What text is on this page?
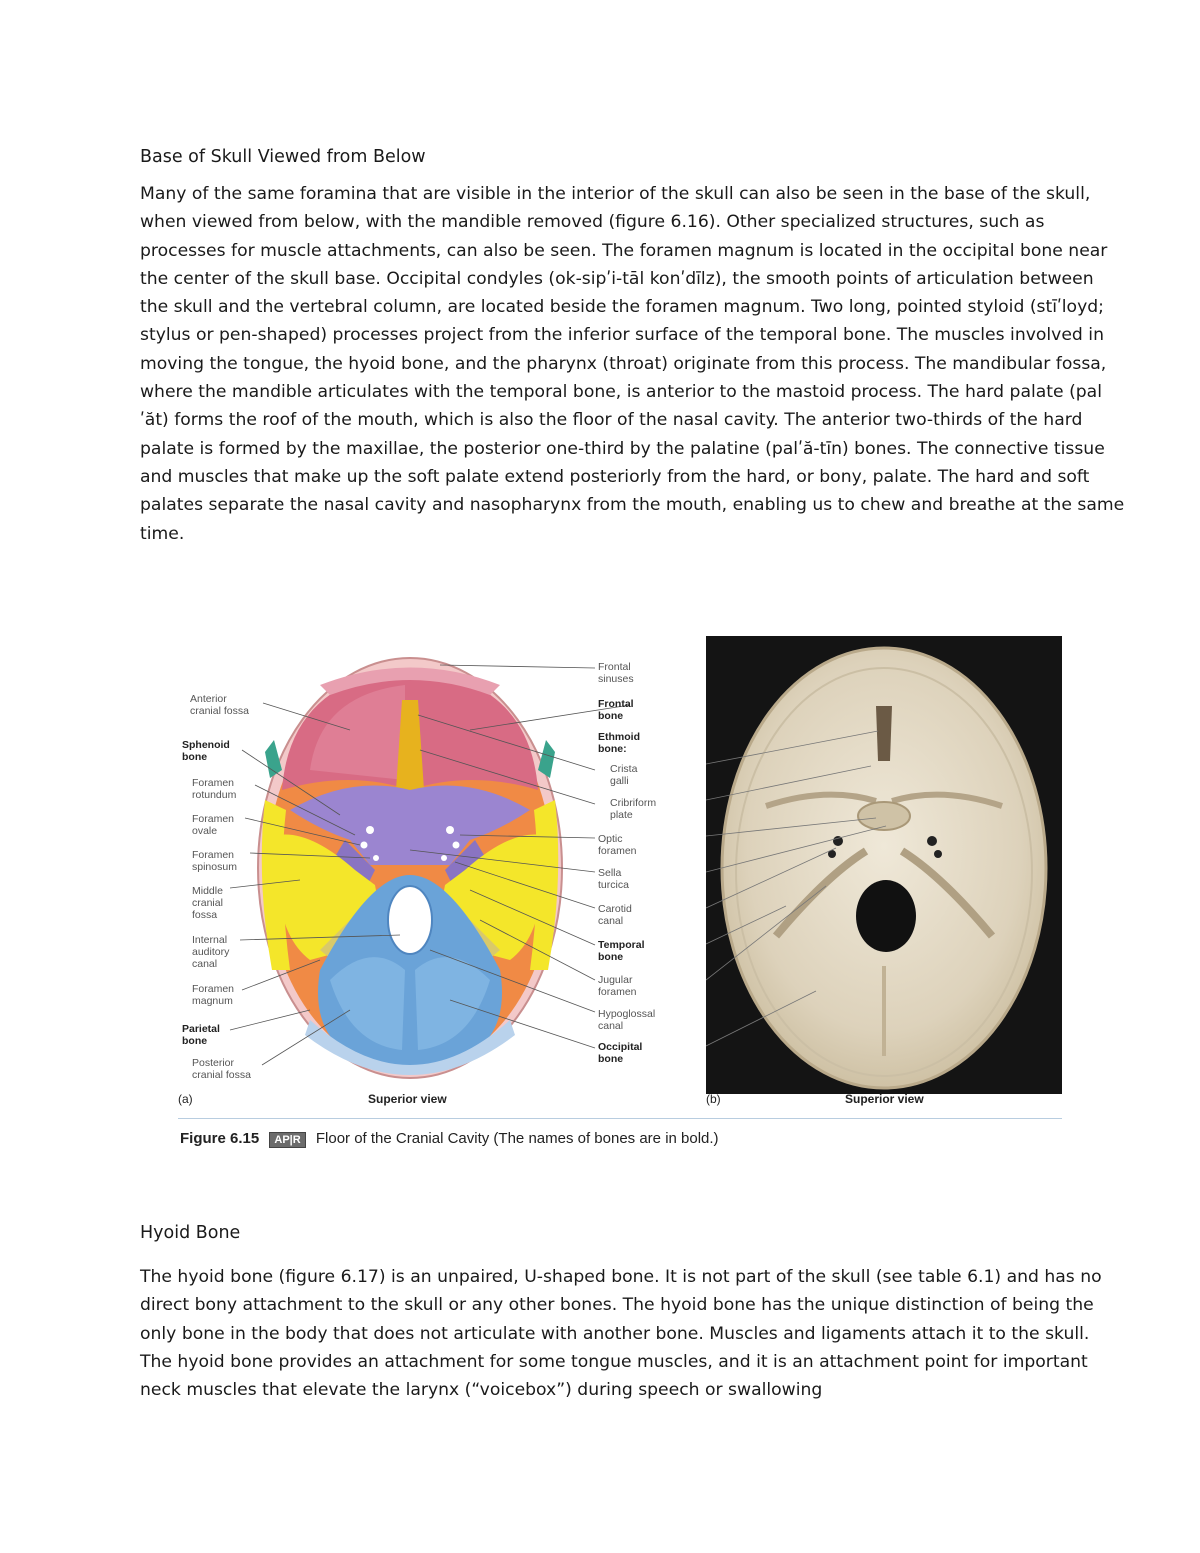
Base of Skull Viewed from Below

Many of the same foramina that are visible in the interior of the skull can also be seen in the base of the skull,
when viewed from below, with the mandible removed (figure 6.16). Other specialized structures, such as
processes for muscle attachments, can also be seen. The foramen magnum is located in the occipital bone near
the center of the skull base. Occipital condyles (ok-sipʹi-tāl konʹdīlz), the smooth points of articulation between
the skull and the vertebral column, are located beside the foramen magnum. Two long, pointed styloid (stīʹloyd;
stylus or pen-shaped) processes project from the inferior surface of the temporal bone. The muscles involved in
moving the tongue, the hyoid bone, and the pharynx (throat) originate from this process. The mandibular fossa,
where the mandible articulates with the temporal bone, is anterior to the mastoid process. The hard palate (pal
ʹăt) forms the roof of the mouth, which is also the floor of the nasal cavity. The anterior two-thirds of the hard
palate is formed by the maxillae, the posterior one-third by the palatine (palʹă-tīn) bones. The connective tissue
and muscles that make up the soft palate extend posteriorly from the hard, or bony, palate. The hard and soft
palates separate the nasal cavity and nasopharynx from the mouth, enabling us to chew and breathe at the same
time.

Anterior cranial fossa
Sphenoid bone
Foramen rotundum
Foramen ovale
Foramen spinosum
Middle cranial fossa
Internal auditory canal
Foramen magnum
Parietal bone
Posterior cranial fossa
Frontal sinuses
Frontal bone
Ethmoid bone:
Crista galli
Cribriform plate
Optic foramen
Sella turcica
Carotid canal
Temporal bone
Jugular foramen
Hypoglossal canal
Occipital bone
(a)	Superior view	(b)	Superior view
Figure 6.15 AP|R Floor of the Cranial Cavity (The names of bones are in bold.)
Hyoid Bone

The hyoid bone (figure 6.17) is an unpaired, U-shaped bone. It is not part of the skull (see table 6.1) and has no
direct bony attachment to the skull or any other bones. The hyoid bone has the unique distinction of being the
only bone in the body that does not articulate with another bone. Muscles and ligaments attach it to the skull.
The hyoid bone provides an attachment for some tongue muscles, and it is an attachment point for important
neck muscles that elevate the larynx (“voicebox”) during speech or swallowing
